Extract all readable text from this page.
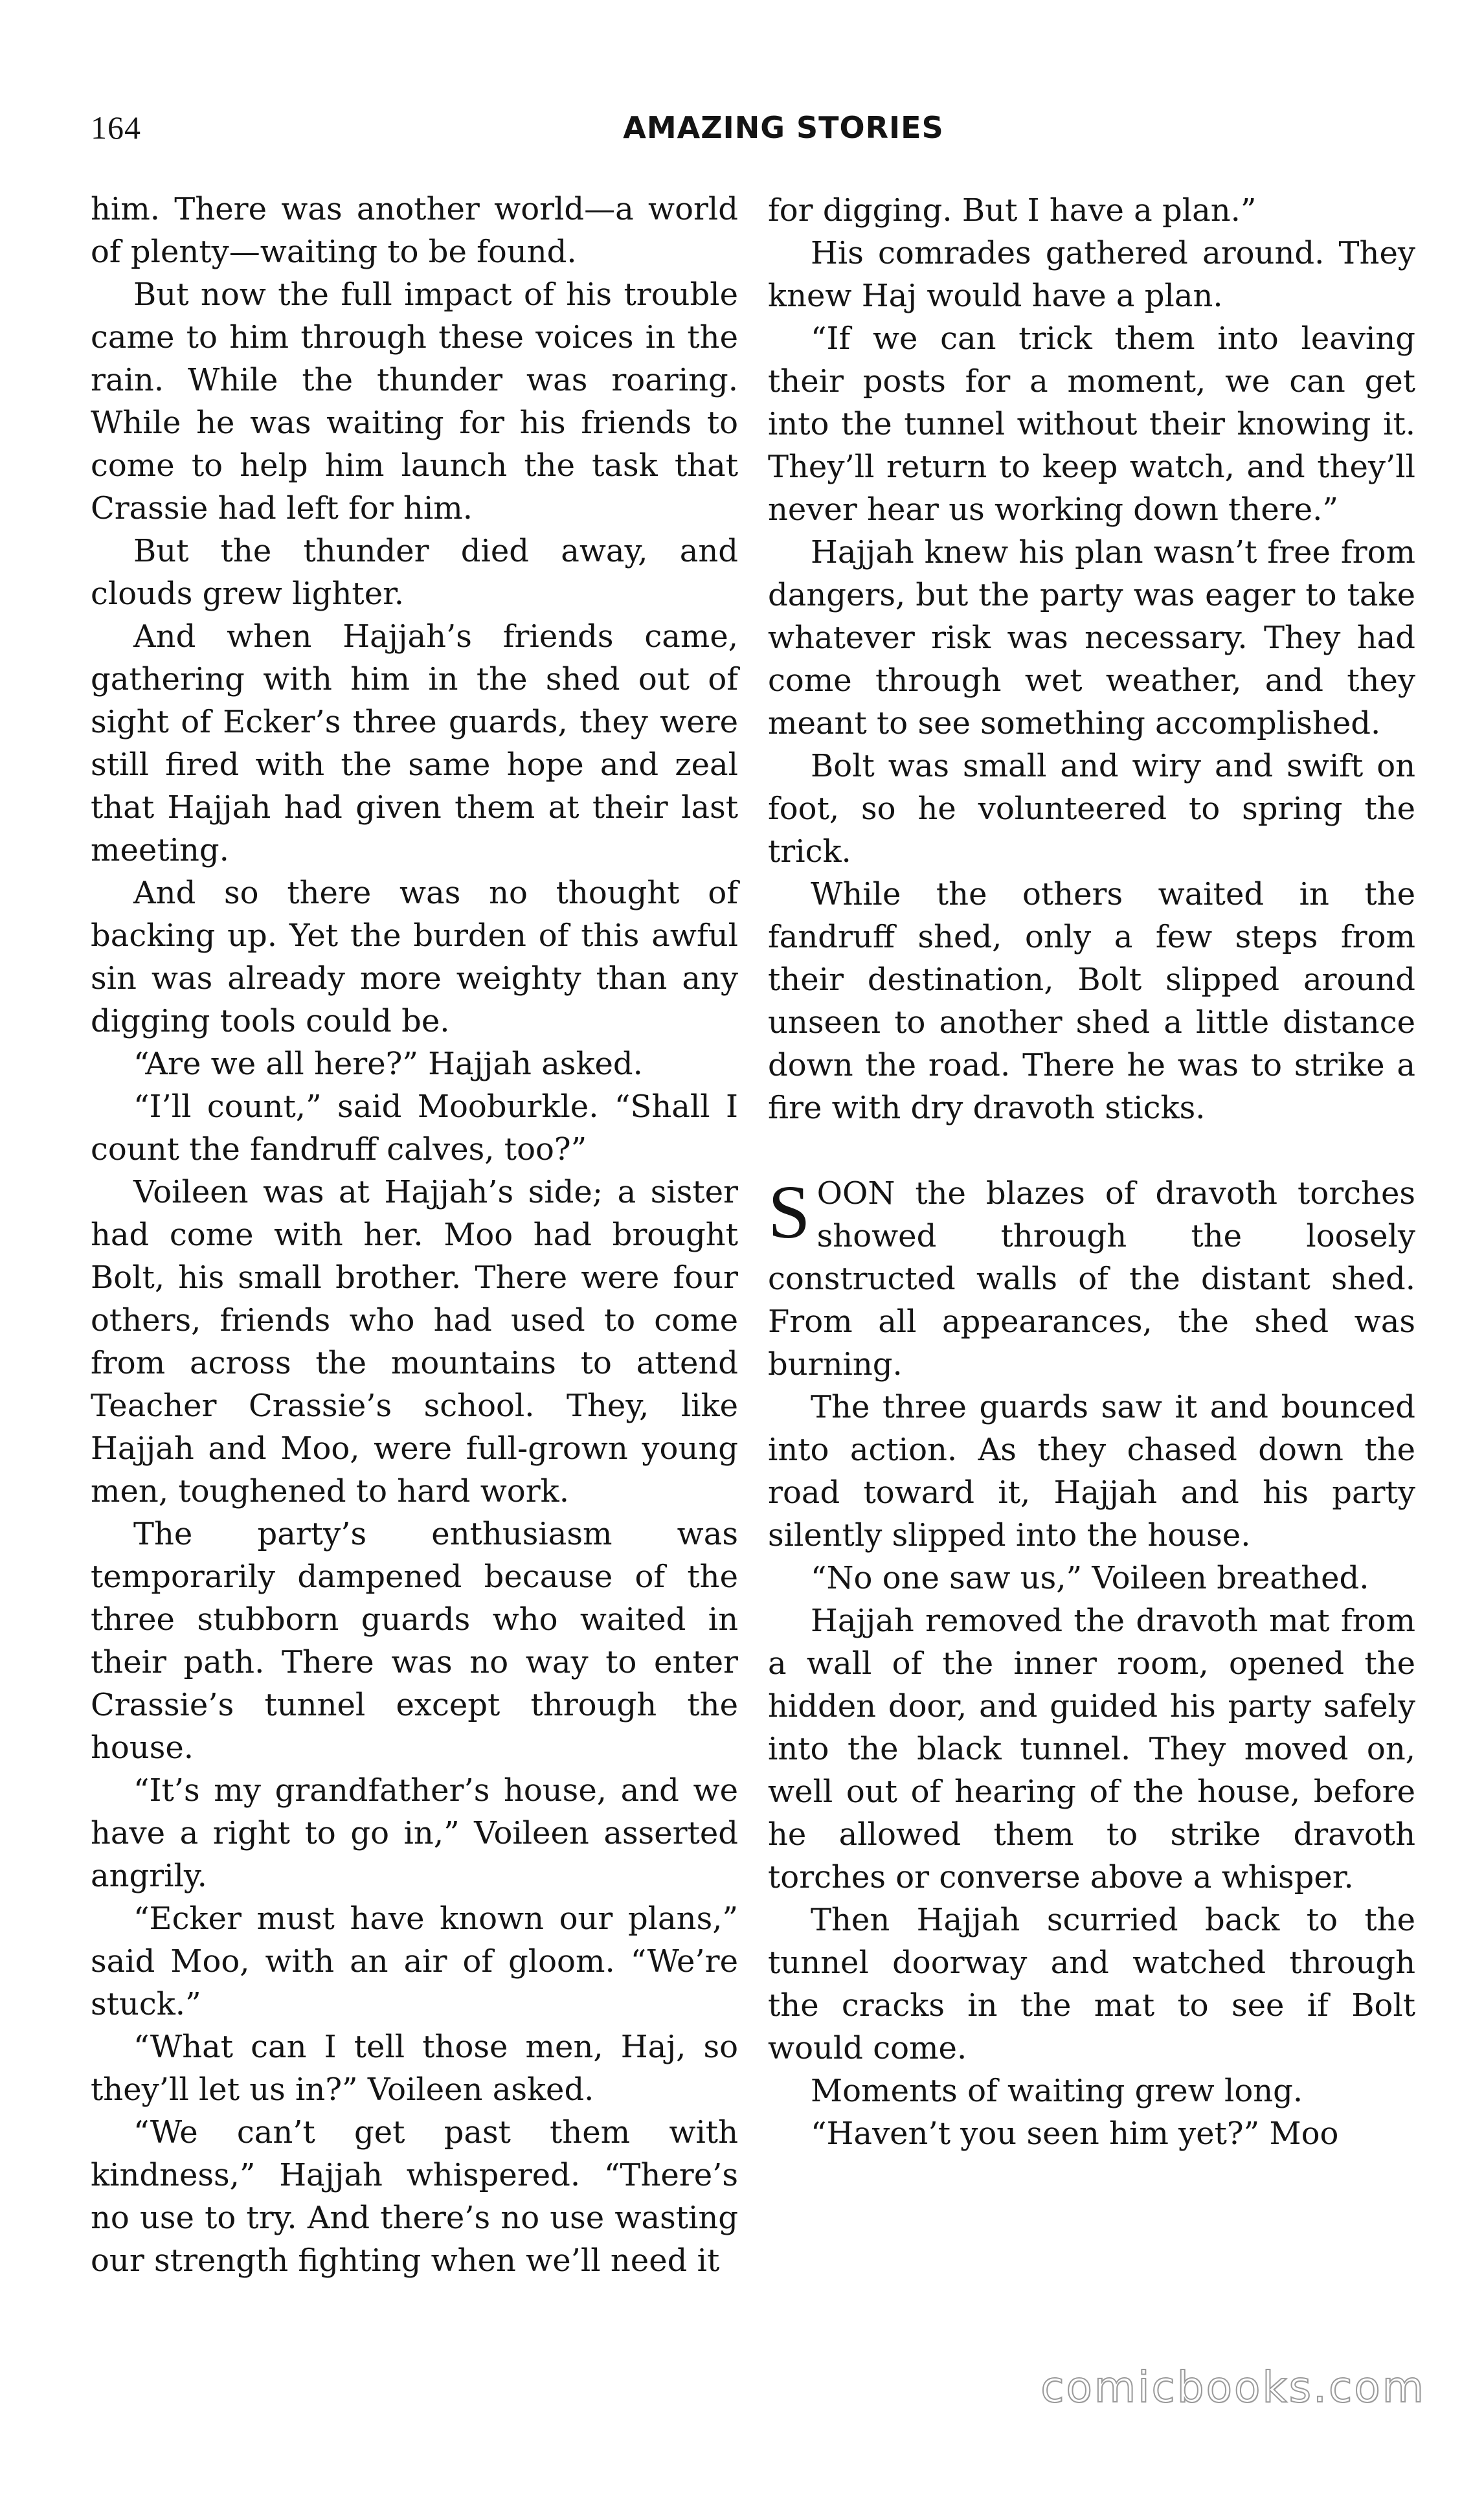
164	AMAZING STORIES

him. There was another world—a world of plenty—waiting to be found.

But now the full impact of his trouble came to him through these voices in the rain. While the thunder was roaring. While he was waiting for his friends to come to help him launch the task that Crassie had left for him.

But the thunder died away, and clouds grew lighter.

And when Hajjah’s friends came, gathering with him in the shed out of sight of Ecker’s three guards, they were still fired with the same hope and zeal that Hajjah had given them at their last meeting.

And so there was no thought of backing up. Yet the burden of this awful sin was already more weighty than any digging tools could be.

“Are we all here?” Hajjah asked.

“I’ll count,” said Mooburkle. “Shall I count the fandruff calves, too?”

Voileen was at Hajjah’s side; a sister had come with her. Moo had brought Bolt, his small brother. There were four others, friends who had used to come from across the mountains to attend Teacher Crassie’s school. They, like Hajjah and Moo, were full-grown young men, toughened to hard work.

The party’s enthusiasm was temporarily dampened because of the three stubborn guards who waited in their path. There was no way to enter Crassie’s tunnel except through the house.

“It’s my grandfather’s house, and we have a right to go in,” Voileen asserted angrily.

“Ecker must have known our plans,” said Moo, with an air of gloom. “We’re stuck.”

“What can I tell those men, Haj, so they’ll let us in?” Voileen asked.

“We can’t get past them with kindness,” Hajjah whispered. “There’s no use to try. And there’s no use wasting our strength fighting when we’ll need it

for digging. But I have a plan.”

His comrades gathered around. They knew Haj would have a plan.

“If we can trick them into leaving their posts for a moment, we can get into the tunnel without their knowing it. They’ll return to keep watch, and they’ll never hear us working down there.”

Hajjah knew his plan wasn’t free from dangers, but the party was eager to take whatever risk was necessary. They had come through wet weather, and they meant to see something accomplished.

Bolt was small and wiry and swift on foot, so he volunteered to spring the trick.

While the others waited in the fandruff shed, only a few steps from their destination, Bolt slipped around unseen to another shed a little distance down the road. There he was to strike a fire with dry dravoth sticks.

SOON the blazes of dravoth torches showed through the loosely constructed walls of the distant shed. From all appearances, the shed was burning.

The three guards saw it and bounced into action. As they chased down the road toward it, Hajjah and his party silently slipped into the house.

“No one saw us,” Voileen breathed.

Hajjah removed the dravoth mat from a wall of the inner room, opened the hidden door, and guided his party safely into the black tunnel. They moved on, well out of hearing of the house, before he allowed them to strike dravoth torches or converse above a whisper.

Then Hajjah scurried back to the tunnel doorway and watched through the cracks in the mat to see if Bolt would come.

Moments of waiting grew long.

“Haven’t you seen him yet?” Moo

comicbooks.com
